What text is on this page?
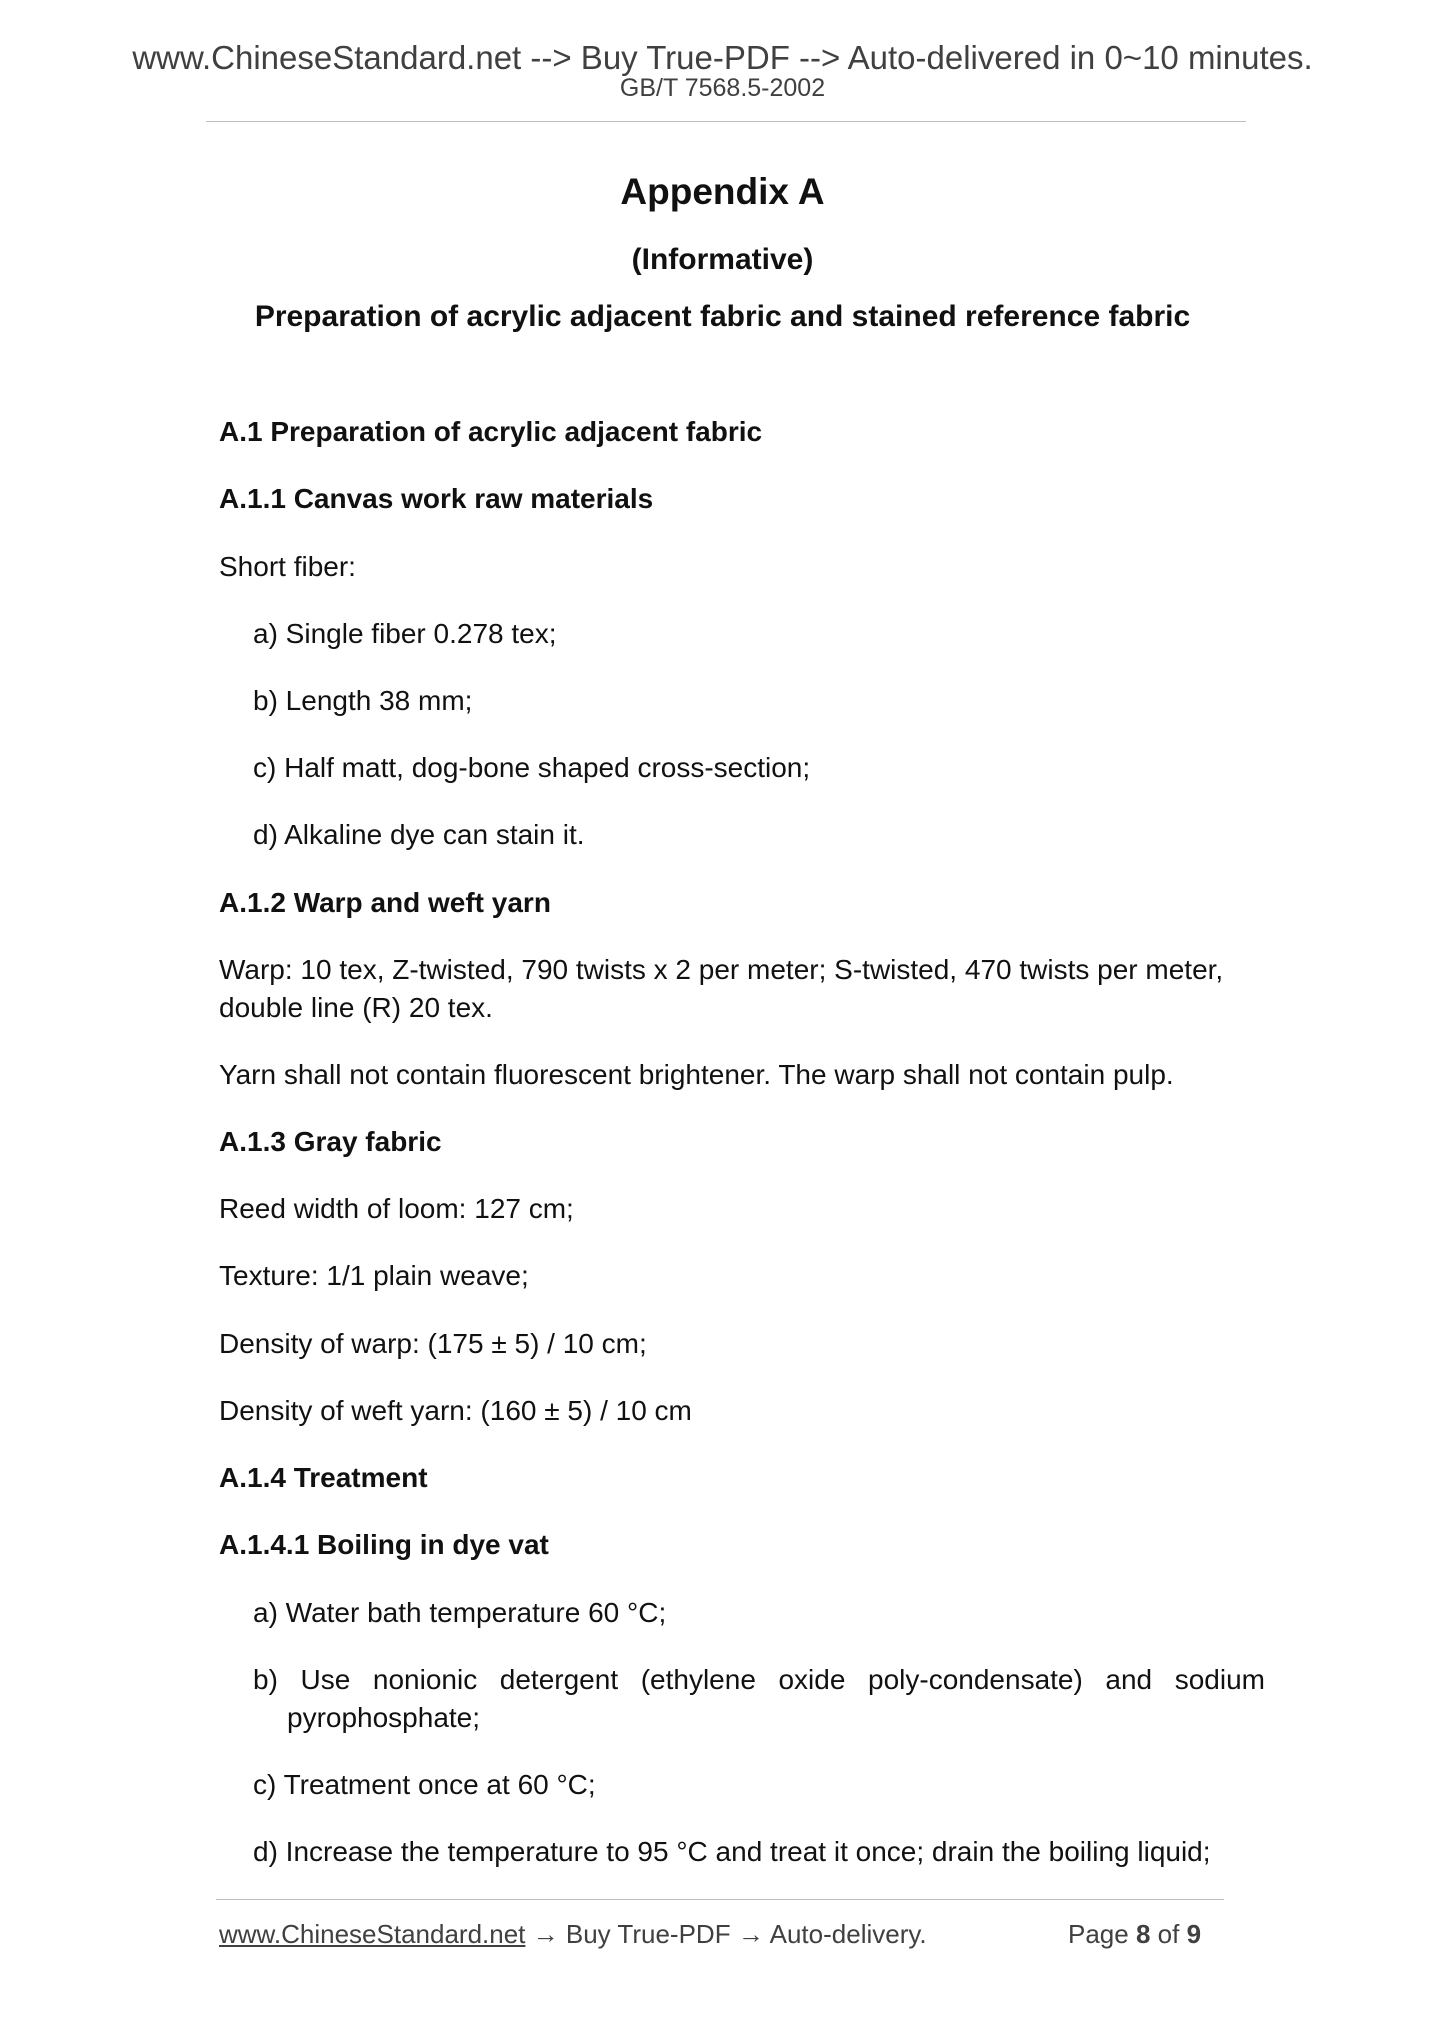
www.ChineseStandard.net --> Buy True-PDF --> Auto-delivered in 0~10 minutes.
GB/T 7568.5-2002
Appendix A
(Informative)
Preparation of acrylic adjacent fabric and stained reference fabric
A.1 Preparation of acrylic adjacent fabric
A.1.1 Canvas work raw materials
Short fiber:
a) Single fiber 0.278 tex;
b) Length 38 mm;
c) Half matt, dog-bone shaped cross-section;
d) Alkaline dye can stain it.
A.1.2 Warp and weft yarn
Warp: 10 tex, Z-twisted, 790 twists x 2 per meter; S-twisted, 470 twists per meter, double line (R) 20 tex.
Yarn shall not contain fluorescent brightener. The warp shall not contain pulp.
A.1.3 Gray fabric
Reed width of loom: 127 cm;
Texture: 1/1 plain weave;
Density of warp: (175 ± 5) / 10 cm;
Density of weft yarn: (160 ± 5) / 10 cm
A.1.4 Treatment
A.1.4.1 Boiling in dye vat
a) Water bath temperature 60 °C;
b) Use nonionic detergent (ethylene oxide poly-condensate) and sodium pyrophosphate;
c) Treatment once at 60 °C;
d) Increase the temperature to 95 °C and treat it once; drain the boiling liquid;
www.ChineseStandard.net → Buy True-PDF → Auto-delivery.	Page 8 of 9
